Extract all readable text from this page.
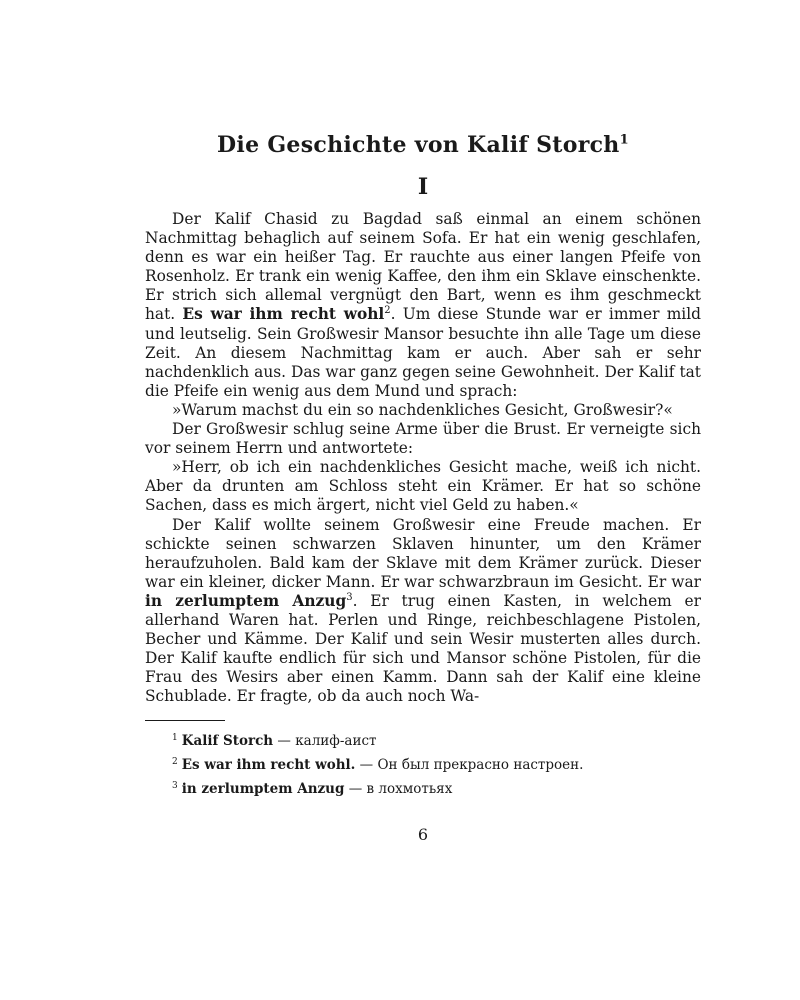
Die Geschichte von Kalif Storch$^1$
I

Der Kalif Chasid zu Bagdad saß einmal an einem schönen Nachmittag behaglich auf seinem Sofa. Er hat ein wenig geschlafen, denn es war ein heißer Tag. Er rauchte aus einer langen Pfeife von Rosenholz. Er trank ein wenig Kaffee, den ihm ein Sklave einschenkte. Er strich sich allemal vergnügt den Bart, wenn es ihm geschmeckt hat. Es war ihm recht wohl$^2$. Um diese Stunde war er immer mild und leutselig. Sein Großwesir Mansor besuchte ihn alle Tage um diese Zeit. An diesem Nachmittag kam er auch. Aber sah er sehr nachdenklich aus. Das war ganz gegen seine Gewohnheit. Der Kalif tat die Pfeife ein wenig aus dem Mund und sprach:

»Warum machst du ein so nachdenkliches Gesicht, Großwesir?«

Der Großwesir schlug seine Arme über die Brust. Er verneigte sich vor seinem Herrn und antwortete:

»Herr, ob ich ein nachdenkliches Gesicht mache, weiß ich nicht. Aber da drunten am Schloss steht ein Krämer. Er hat so schöne Sachen, dass es mich ärgert, nicht viel Geld zu haben.«

Der Kalif wollte seinem Großwesir eine Freude machen. Er schickte seinen schwarzen Sklaven hinunter, um den Krämer heraufzuholen. Bald kam der Sklave mit dem Krämer zurück. Dieser war ein kleiner, dicker Mann. Er war schwarzbraun im Gesicht. Er war in zerlumptem Anzug$^3$. Er trug einen Kasten, in welchem er allerhand Waren hat. Perlen und Ringe, reichbeschlagene Pistolen, Becher und Kämme. Der Kalif und sein Wesir musterten alles durch. Der Kalif kaufte endlich für sich und Mansor schöne Pistolen, für die Frau des Wesirs aber einen Kamm. Dann sah der Kalif eine kleine Schublade. Er fragte, ob da auch noch Wa-

$^1$ Kalif Storch — калиф-аист
$^2$ Es war ihm recht wohl. — Он был прекрасно настроен.
$^3$ in zerlumptem Anzug — в лохмотьях
6
